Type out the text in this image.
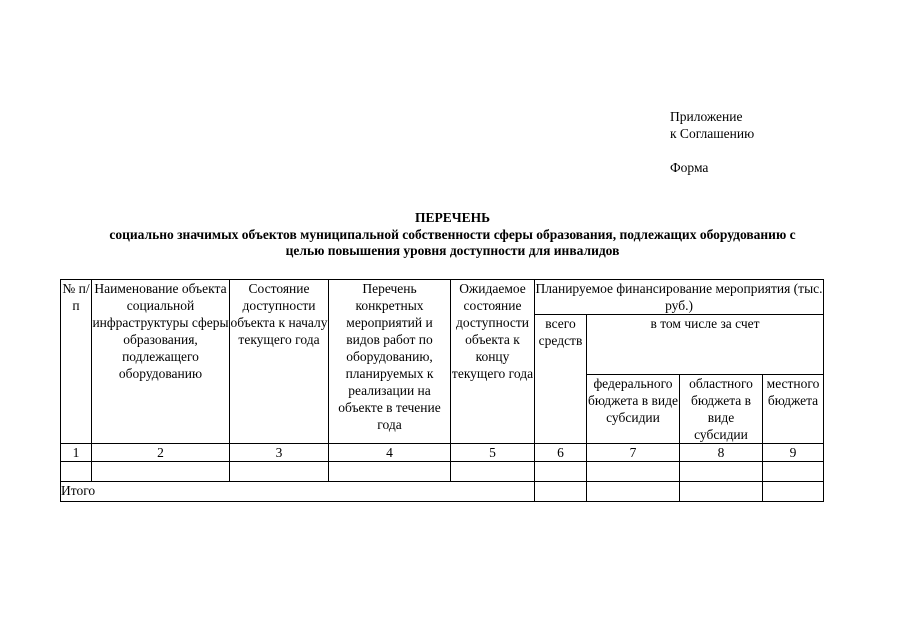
Приложение
к Соглашению
Форма
ПЕРЕЧЕНЬ
социально значимых объектов муниципальной собственности сферы образования, подлежащих оборудованию с
целью повышения уровня доступности для инвалидов
№ п/п	Наименование объекта социальной инфраструктуры сферы образования, подлежащего оборудованию	Состояние доступности объекта к началу текущего года	Перечень конкретных мероприятий и видов работ по оборудованию, планируемых к реализации на объекте в течение года	Ожидаемое состояние доступности объекта к концу текущего года	Планируемое финансирование мероприятия (тыс. руб.)			
					всего средств	в том числе за счет		
						федерального бюджета в виде субсидии	областного бюджета в виде субсидии	местного бюджета
1	2	3	4	5	6	7	8	9

Итого								
